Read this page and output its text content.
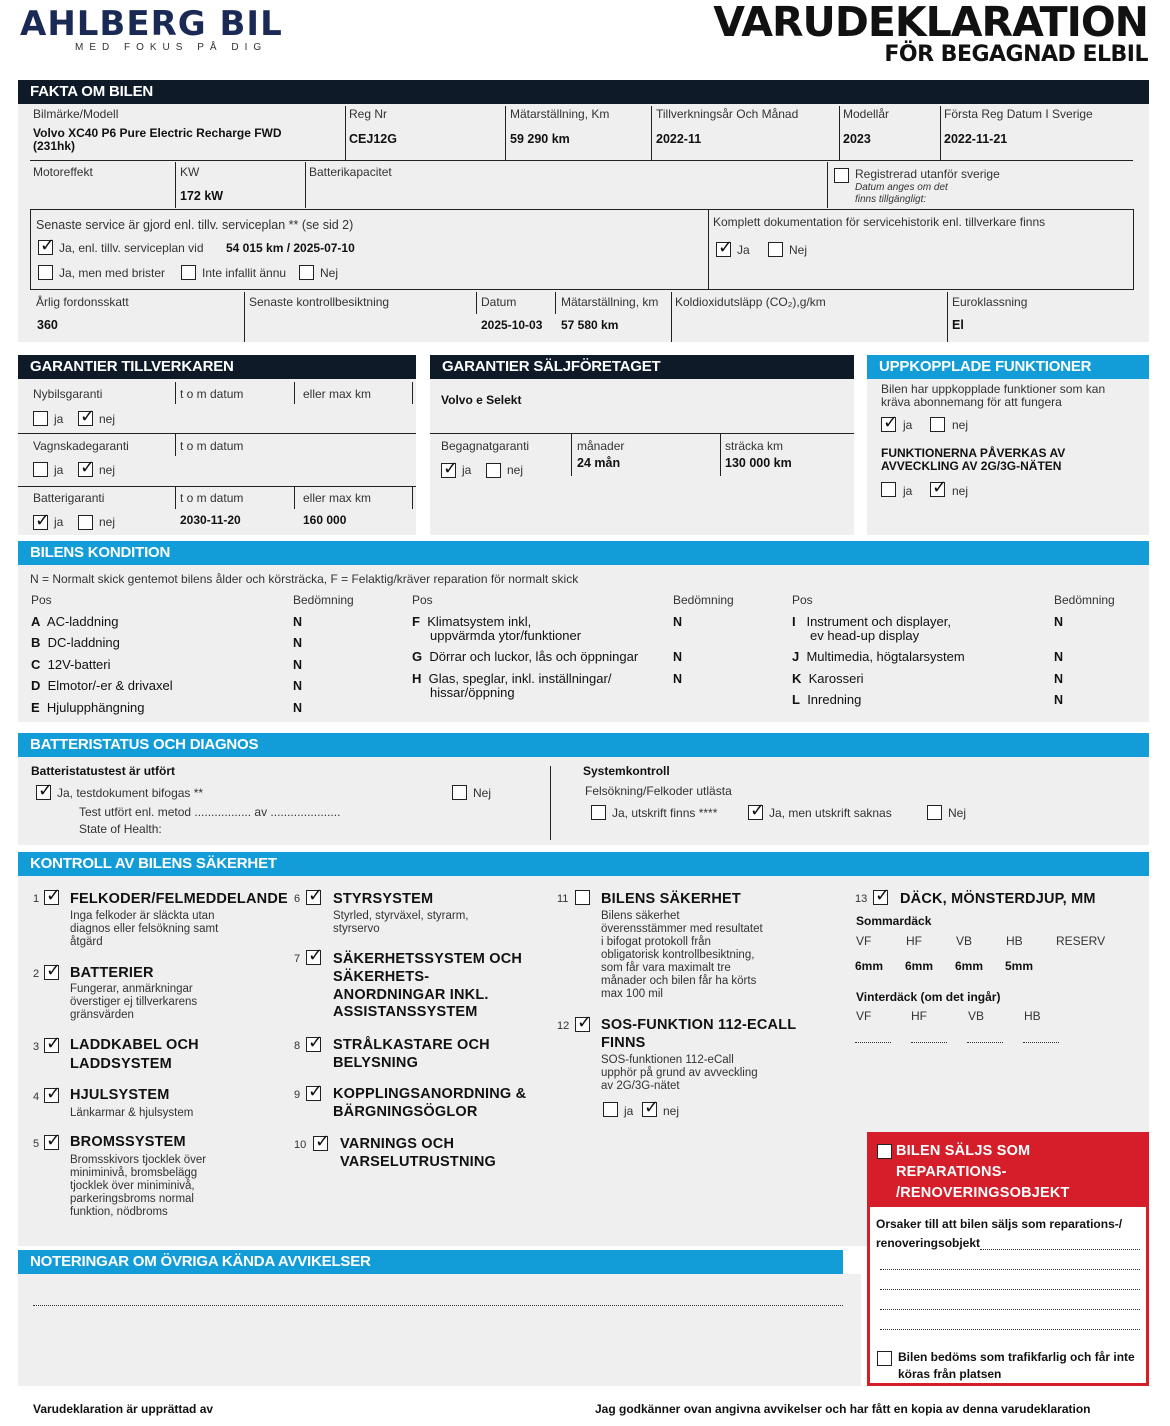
AHLBERG BIL
MED FOKUS PÅ DIG
VARUDEKLARATION
FÖR BEGAGNAD ELBIL
FAKTA OM BILEN
Bilmärke/Modell
Volvo XC40 P6 Pure Electric Recharge FWD
(231hk)
Reg Nr
CEJ12G
Mätarställning, Km
59 290 km
Tillverkningsår Och Månad
2022-11
Modellår
2023
Första Reg Datum I Sverige
2022-11-21
Motoreffekt	KW
172 kW
Batterikapacitet	Registrerad utanför sverige
Datum anges om det
finns tillgängligt:
Senaste service är gjord enl. tillv. serviceplan ** (se sid 2)
✓
Ja, enl. tillv. serviceplan vid 54 015 km / 2025-07-10
Ja, men med brister	Inte infallit ännu	Nej
Komplett dokumentation för servicehistorik enl. tillverkare finns
✓
Ja	Nej
Årlig fordonsskatt
360
Senaste kontrollbesiktning	Datum
2025-10-03
Mätarställning, km
57 580 km
Koldioxidutsläpp (CO₂),g/km	Euroklassning
El
GARANTIER TILLVERKAREN
Nybilsgaranti	t o m datum	eller max km
ja ✓	nej
Vagnskadegaranti	t o m datum
ja ✓	nej
Batterigaranti	t o m datum	eller max km
✓
ja	nej	2030-11-20	160 000
GARANTIER SÄLJFÖRETAGET
Volvo e Selekt
Begagnatgaranti	månader
24 mån
sträcka km
130 000 km
✓
ja	nej
UPPKOPPLADE FUNKTIONER
Bilen har uppkopplade funktioner som kan
kräva abonnemang för att fungera
✓
ja	nej
FUNKTIONERNA PÅVERKAS AV
AVVECKLING AV 2G/3G-NÄTEN
ja ✓	nej
BILENS KONDITION
N = Normalt skick gentemot bilens ålder och körsträcka, F = Felaktig/kräver reparation för normalt skick
Pos	Bedömning	Pos	Bedömning	Pos	Bedömning
A AC-laddning	N
B DC-laddning	N
C 12V-batteri	N
D Elmotor/-er & drivaxel	N
E Hjulupphängning	N
F Klimatsystem inkl,
uppvärmda ytor/funktioner
N
G Dörrar och luckor, lås och öppningar	N
H Glas, speglar, inkl. inställningar/
hissar/öppning
N
I Instrument och displayer,
ev head-up display
N
J Multimedia, högtalarsystem	N
K Karosseri	N
L Inredning	N
BATTERISTATUS OCH DIAGNOS
Batteristatustest är utfört
✓
Ja, testdokument bifogas **	Nej
Test utfört enl. metod ................. av .....................
State of Health:
Systemkontroll
Felsökning/Felkoder utlästa
Ja, utskrift finns **** ✓	Ja, men utskrift saknas	Nej
KONTROLL AV BILENS SÄKERHET
1 ✓ FELKODER/FELMEDDELANDE
Inga felkoder är släckta utan
diagnos eller felsökning samt
åtgärd
2 ✓ BATTERIER
Fungerar, anmärkningar
överstiger ej tillverkarens
gränsvärden
3 ✓ LADDKABEL OCH
LADDSYSTEM
4 ✓ HJULSYSTEM
Länkarmar & hjulsystem
5 ✓ BROMSSYSTEM
Bromsskivors tjocklek över
miniminivå, bromsbelägg
tjocklek över miniminivå,
parkeringsbroms normal
funktion, nödbroms
6 ✓ STYRSYSTEM
Styrled, styrväxel, styrarm,
styrservo
7 ✓ SÄKERHETSSYSTEM OCH
SÄKERHETS-
ANORDNINGAR INKL.
ASSISTANSSYSTEM
8 ✓ STRÅLKASTARE OCH
BELYSNING
9 ✓ KOPPLINGSANORDNING &
BÄRGNINGSÖGLOR
10 ✓ VARNINGS OCH
VARSELUTRUSTNING
11 BILENS SÄKERHET
Bilens säkerhet
överensstämmer med resultatet
i bifogat protokoll från
obligatorisk kontrollbesiktning,
som får vara maximalt tre
månader och bilen får ha körts
max 100 mil
12 ✓ SOS-FUNKTION 112-ECALL
FINNS
SOS-funktionen 112-eCall
upphör på grund av avveckling
av 2G/3G-nätet
ja ✓ nej
13 ✓ DÄCK, MÖNSTERDJUP, MM
Sommardäck
VF	HF	VB	HB	RESERV
6mm 6mm 6mm 5mm
Vinterdäck (om det ingår)
VF	HF	VB	HB
BILEN SÄLJS SOM
REPARATIONS-
/RENOVERINGSOBJEKT
Orsaker till att bilen säljs som reparations-/
renoveringsobjekt
Bilen bedöms som trafikfarlig och får inte
köras från platsen
NOTERINGAR OM ÖVRIGA KÄNDA AVVIKELSER
Varudeklaration är upprättad av	Jag godkänner ovan angivna avvikelser och har fått en kopia av denna varudeklaration
